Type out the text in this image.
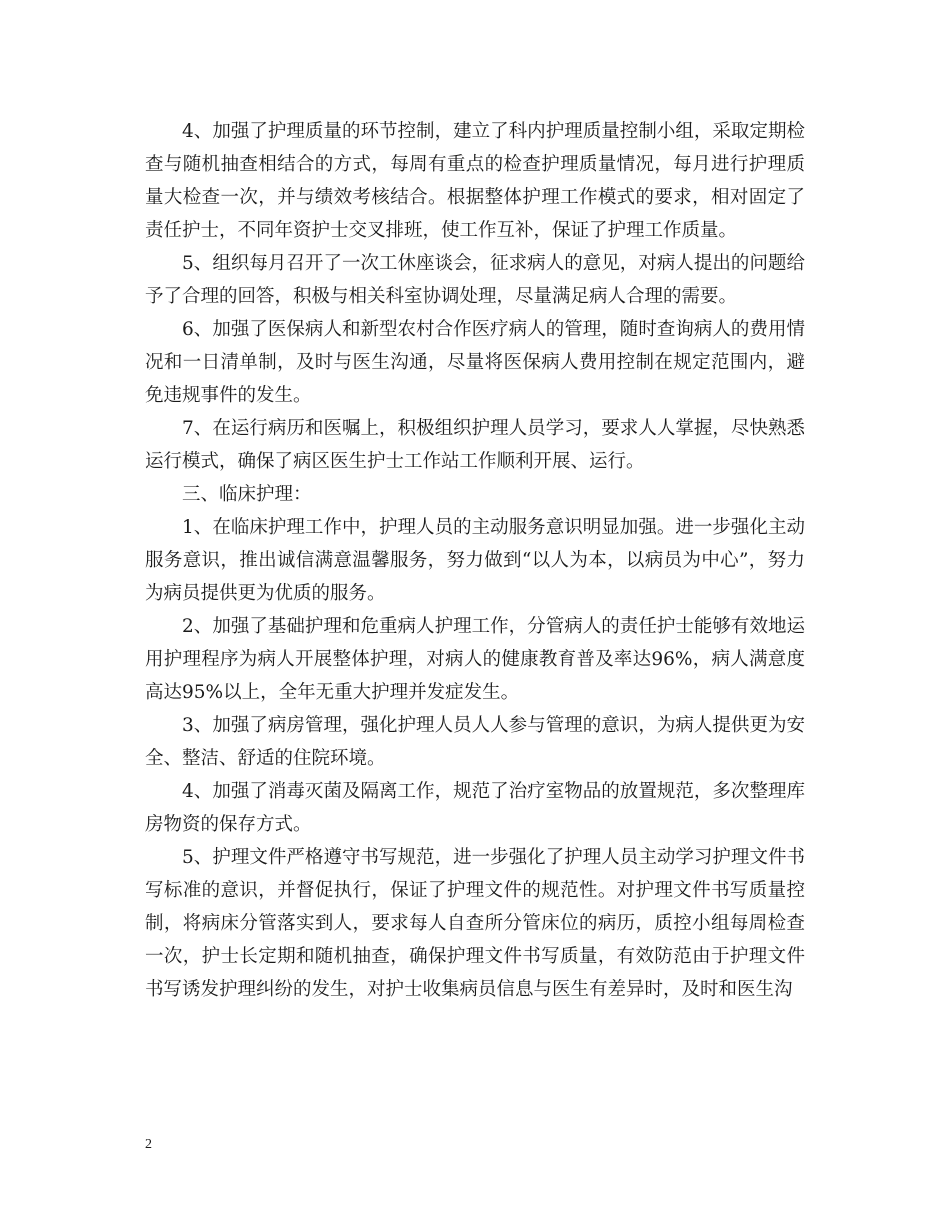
4、加强了护理质量的环节控制，建立了科内护理质量控制小组，采取定期检查与随机抽查相结合的方式，每周有重点的检查护理质量情况，每月进行护理质量大检查一次，并与绩效考核结合。根据整体护理工作模式的要求，相对固定了责任护士，不同年资护士交叉排班，使工作互补，保证了护理工作质量。

5、组织每月召开了一次工休座谈会，征求病人的意见，对病人提出的问题给予了合理的回答，积极与相关科室协调处理，尽量满足病人合理的需要。

6、加强了医保病人和新型农村合作医疗病人的管理，随时查询病人的费用情况和一日清单制，及时与医生沟通，尽量将医保病人费用控制在规定范围内，避免违规事件的发生。

7、在运行病历和医嘱上，积极组织护理人员学习，要求人人掌握，尽快熟悉运行模式，确保了病区医生护士工作站工作顺利开展、运行。

三、临床护理：

1、在临床护理工作中，护理人员的主动服务意识明显加强。进一步强化主动服务意识，推出诚信满意温馨服务，努力做到“以人为本，以病员为中心”，努力为病员提供更为优质的服务。

2、加强了基础护理和危重病人护理工作，分管病人的责任护士能够有效地运用护理程序为病人开展整体护理，对病人的健康教育普及率达96%，病人满意度高达95%以上，全年无重大护理并发症发生。

3、加强了病房管理，强化护理人员人人参与管理的意识，为病人提供更为安全、整洁、舒适的住院环境。

4、加强了消毒灭菌及隔离工作，规范了治疗室物品的放置规范，多次整理库房物资的保存方式。

5、护理文件严格遵守书写规范，进一步强化了护理人员主动学习护理文件书写标准的意识，并督促执行，保证了护理文件的规范性。对护理文件书写质量控制，将病床分管落实到人，要求每人自查所分管床位的病历，质控小组每周检查一次，护士长定期和随机抽查，确保护理文件书写质量，有效防范由于护理文件书写诱发护理纠纷的发生，对护士收集病员信息与医生有差异时，及时和医生沟

2
